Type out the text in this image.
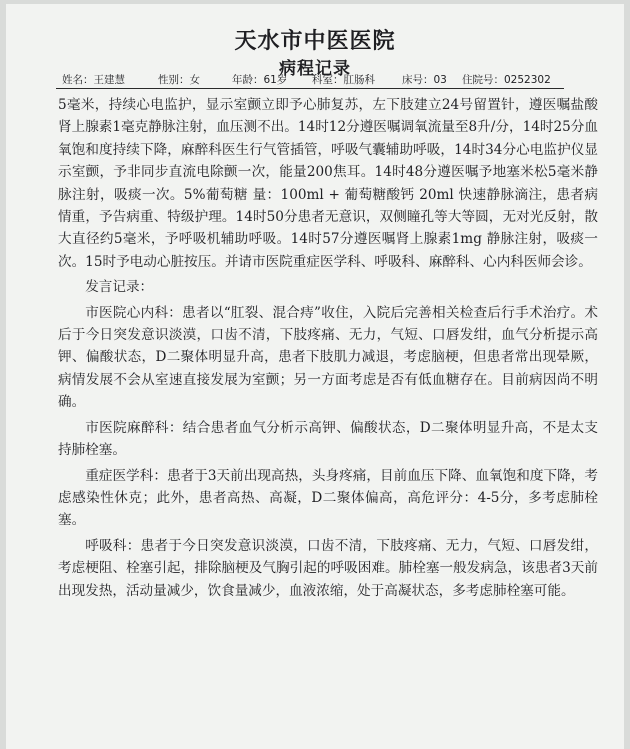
天水市中医医院
病程记录
姓名：王建慧	性别：女	年龄：61岁 科室：肛肠科	床号：03 住院号：0252302

5毫米，持续心电监护，显示室颤立即予心肺复苏，左下肢建立24号留置针，遵医嘱盐酸肾上腺素1毫克静脉注射，血压测不出。14时12分遵医嘱调氧流量至8升/分，14时25分血氧饱和度持续下降，麻醉科医生行气管插管，呼吸气囊辅助呼吸，14时34分心电监护仪显示室颤，予非同步直流电除颤一次，能量200焦耳。14时48分遵医嘱予地塞米松5毫米静脉注射，吸痰一次。5%葡萄糖 量：100ml + 葡萄糖酸钙 20ml 快速静脉滴注，患者病情重，予告病重、特级护理。14时50分患者无意识，双侧瞳孔等大等圆，无对光反射，散大直径约5毫米，予呼吸机辅助呼吸。14时57分遵医嘱肾上腺素1mg 静脉注射，吸痰一次。15时予电动心脏按压。并请市医院重症医学科、呼吸科、麻醉科、心内科医师会诊。

发言记录：

市医院心内科：患者以“肛裂、混合痔”收住，入院后完善相关检查后行手术治疗。术后于今日突发意识淡漠，口齿不清，下肢疼痛、无力，气短、口唇发绀，血气分析提示高钾、偏酸状态，D二聚体明显升高，患者下肢肌力减退，考虑脑梗，但患者常出现晕厥，病情发展不会从室速直接发展为室颤；另一方面考虑是否有低血糖存在。目前病因尚不明确。

市医院麻醉科：结合患者血气分析示高钾、偏酸状态，D二聚体明显升高，不是太支持肺栓塞。

重症医学科：患者于3天前出现高热，头身疼痛，目前血压下降、血氧饱和度下降，考虑感染性休克；此外，患者高热、高凝，D二聚体偏高，高危评分：4-5分，多考虑肺栓塞。

呼吸科：患者于今日突发意识淡漠，口齿不清，下肢疼痛、无力，气短、口唇发绀，考虑梗阻、栓塞引起，排除脑梗及气胸引起的呼吸困难。肺栓塞一般发病急，该患者3天前出现发热，活动量减少，饮食量减少，血液浓缩，处于高凝状态，多考虑肺栓塞可能。
